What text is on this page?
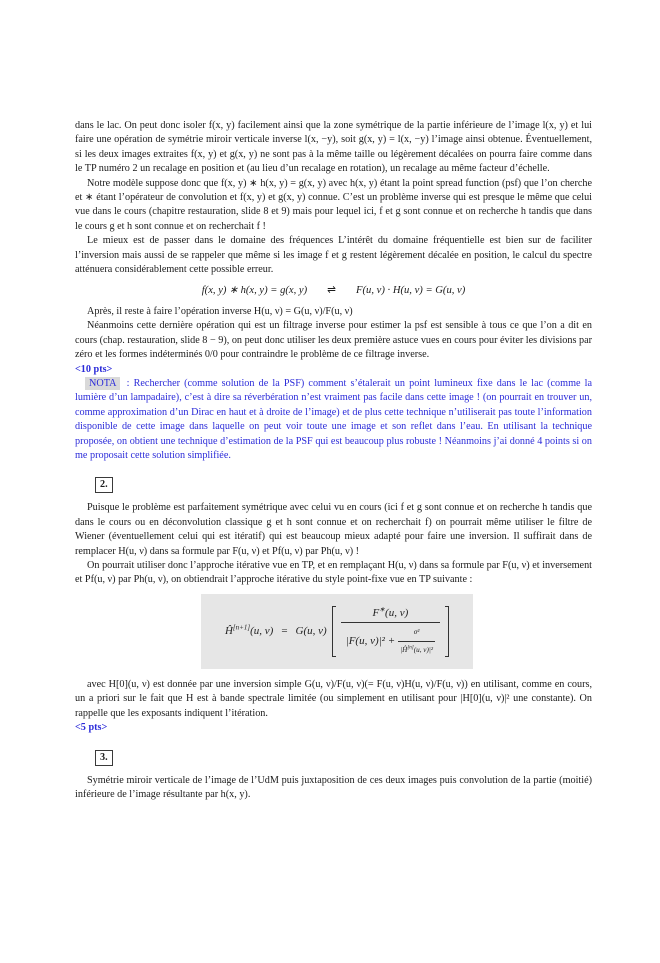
dans le lac. On peut donc isoler f(x, y) facilement ainsi que la zone symétrique de la partie inférieure de l’image l(x, y) et lui faire une opération de symétrie miroir verticale inverse l(x, −y), soit g(x, y) = l(x, −y) l’image ainsi obtenue. Éventuellement, si les deux images extraites f(x, y) et g(x, y) ne sont pas à la même taille ou légèrement décalées on pourra faire comme dans le TP numéro 2 un recalage en position et (au lieu d’un recalage en rotation), un recalage au même facteur d’échelle.

Notre modèle suppose donc que f(x, y) ∗ h(x, y) = g(x, y) avec h(x, y) étant la point spread function (psf) que l’on cherche et ∗ étant l’opérateur de convolution et f(x, y) et g(x, y) connue. C’est un problème inverse qui est presque le même que celui vue dans le cours (chapitre restauration, slide 8 et 9) mais pour lequel ici, f et g sont connue et on recherche h tandis que dans le cours g et h sont connue et on recherchait f !

Le mieux est de passer dans le domaine des fréquences L’intérêt du domaine fréquentielle est bien sur de faciliter l’inversion mais aussi de se rappeler que même si les image f et g restent légèrement décalée en position, le calcul du spectre atténuera considérablement cette possible erreur.

f(x, y) ∗ h(x, y) = g(x, y) ⇌ F(u, ν) · H(u, ν) = G(u, ν)

Après, il reste à faire l’opération inverse H(u, ν) = G(u, ν)/F(u, ν)

Néanmoins cette dernière opération qui est un filtrage inverse pour estimer la psf est sensible à tous ce que l’on a dit en cours (chap. restauration, slide 8 − 9), on peut donc utiliser les deux première astuce vues en cours pour éviter les divisions par zéro et les formes indéterminés 0/0 pour contraindre le problème de ce filtrage inverse.

<10 pts>

NOTA : Rechercher (comme solution de la PSF) comment s’étalerait un point lumineux fixe dans le lac (comme la lumière d’un lampadaire), c’est à dire sa réverbération n’est vraiment pas facile dans cette image ! (on pourrait en trouver un, comme approximation d’un Dirac en haut et à droite de l’image) et de plus cette technique n’utiliserait pas toute l’information disponible de cette image dans laquelle on peut voir toute une image et son reflet dans l’eau. En utilisant la technique proposée, on obtient une technique d’estimation de la PSF qui est beaucoup plus robuste ! Néanmoins j’ai donné 4 points si on me proposait cette solution simplifiée.

2.

Puisque le problème est parfaitement symétrique avec celui vu en cours (ici f et g sont connue et on recherche h tandis que dans le cours ou en déconvolution classique g et h sont connue et on recherchait f) on pourrait même utiliser le filtre de Wiener (éventuellement celui qui est itératif) qui est beaucoup mieux adapté pour faire une inversion. Il suffirait dans de remplacer H(u, ν) dans sa formule par F(u, ν) et Pf(u, ν) par Ph(u, ν) !

On pourrait utiliser donc l’approche itérative vue en TP, et en remplaçant H(u, ν) dans sa formule par F(u, ν) et inversement et Pf(u, ν) par Ph(u, ν), on obtiendrait l’approche itérative du style point-fixe vue en TP suivante :

Ĥ[n+1](u, ν) = G(u, ν)
F∗(u, ν)
|F(u, $\nu)|^2 + \frac{\text{σ²}}{|Ĥ^{[n]}(u, \nu)|^2}$

avec H[0](u, ν) est donnée par une inversion simple G(u, ν)/F(u, ν)(= F(u, ν)H(u, ν)/F(u, ν)) en utilisant, comme en cours, un a priori sur le fait que H est à bande spectrale limitée (ou simplement en utilisant pour |H[0](u, ν)|² une constante). On rappelle que les exposants indiquent l’itération.

<5 pts>

3.

Symétrie miroir verticale de l’image de l’UdM puis juxtaposition de ces deux images puis convolution de la partie (moitié) inférieure de l’image résultante par h(x, y).
